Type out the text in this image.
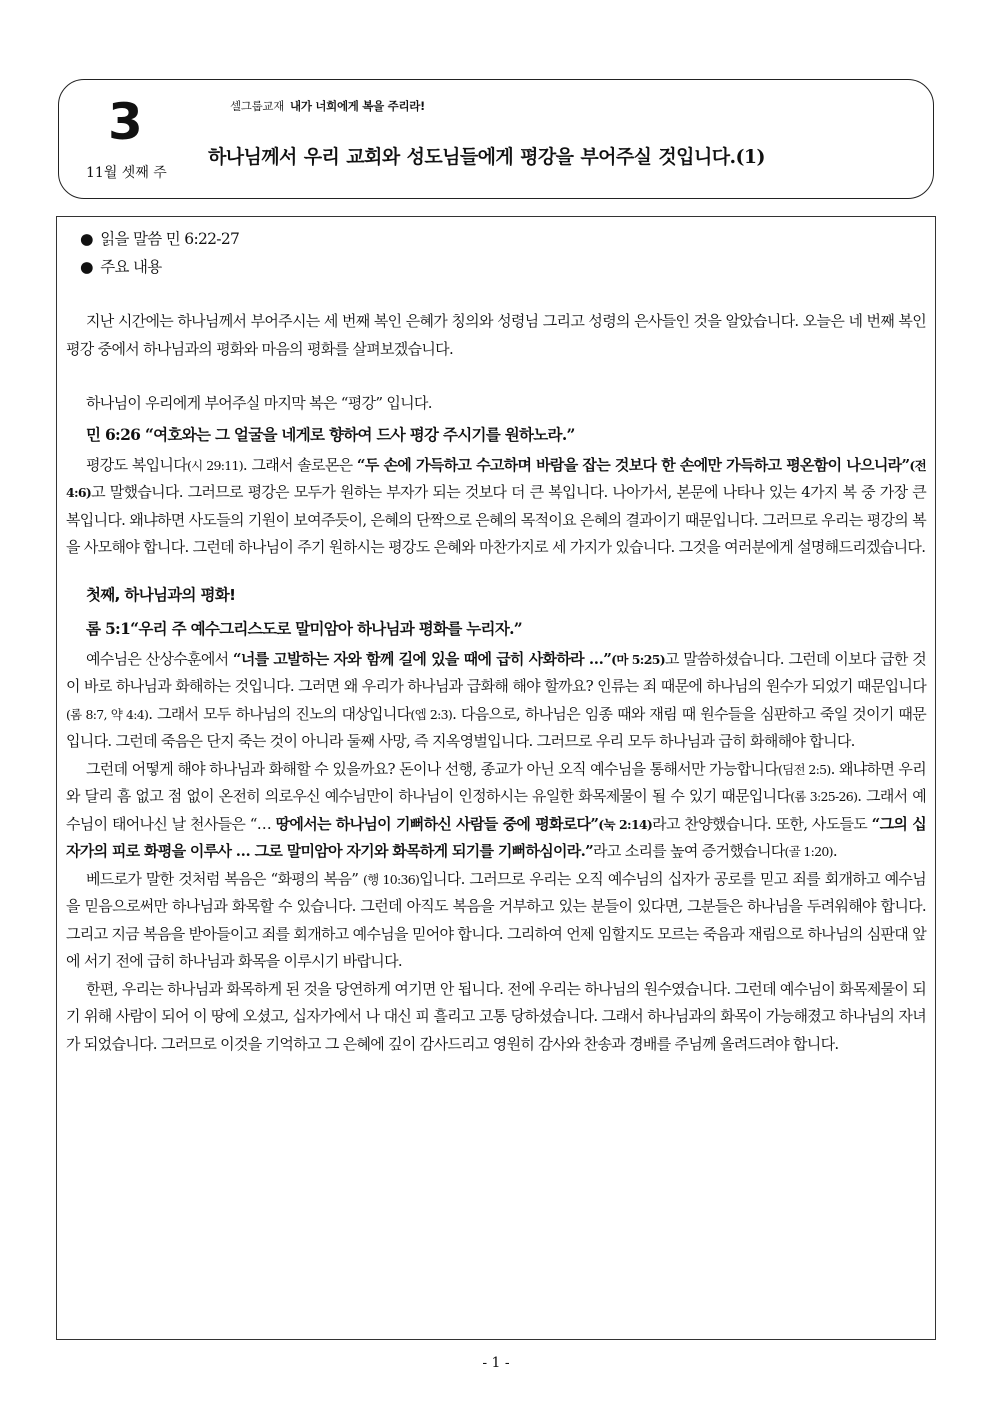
3
11월 셋째 주
셀그룹교재 내가 너희에게 복을 주리라!
하나님께서 우리 교회와 성도님들에게 평강을 부어주실 것입니다.(1)
● 읽을 말씀 민 6:22-27
● 주요 내용

지난 시간에는 하나님께서 부어주시는 세 번째 복인 은혜가 칭의와 성령님 그리고 성령의 은사들인 것을 알았습니다. 오늘은 네 번째 복인 평강 중에서 하나님과의 평화와 마음의 평화를 살펴보겠습니다.

하나님이 우리에게 부어주실 마지막 복은 “평강” 입니다.

민 6:26 “여호와는 그 얼굴을 네게로 향하여 드사 평강 주시기를 원하노라.”

평강도 복입니다(시 29:11). 그래서 솔로몬은 “두 손에 가득하고 수고하며 바람을 잡는 것보다 한 손에만 가득하고 평온함이 나으니라”(전 4:6)고 말했습니다. 그러므로 평강은 모두가 원하는 부자가 되는 것보다 더 큰 복입니다. 나아가서, 본문에 나타나 있는 4가지 복 중 가장 큰 복입니다. 왜냐하면 사도들의 기원이 보여주듯이, 은혜의 단짝으로 은혜의 목적이요 은혜의 결과이기 때문입니다. 그러므로 우리는 평강의 복을 사모해야 합니다. 그런데 하나님이 주기 원하시는 평강도 은혜와 마찬가지로 세 가지가 있습니다. 그것을 여러분에게 설명해드리겠습니다.

첫째, 하나님과의 평화!
롬 5:1“우리 주 예수그리스도로 말미암아 하나님과 평화를 누리자.”

예수님은 산상수훈에서 “너를 고발하는 자와 함께 길에 있을 때에 급히 사화하라 …”(마 5:25)고 말씀하셨습니다. 그런데 이보다 급한 것이 바로 하나님과 화해하는 것입니다. 그러면 왜 우리가 하나님과 급화해 해야 할까요? 인류는 죄 때문에 하나님의 원수가 되었기 때문입니다(롬 8:7, 약 4:4). 그래서 모두 하나님의 진노의 대상입니다(엡 2:3). 다음으로, 하나님은 임종 때와 재림 때 원수들을 심판하고 죽일 것이기 때문입니다. 그런데 죽음은 단지 죽는 것이 아니라 둘째 사망, 즉 지옥영벌입니다. 그러므로 우리 모두 하나님과 급히 화해해야 합니다.

그런데 어떻게 해야 하나님과 화해할 수 있을까요? 돈이나 선행, 종교가 아닌 오직 예수님을 통해서만 가능합니다(딤전 2:5). 왜냐하면 우리와 달리 흠 없고 점 없이 온전히 의로우신 예수님만이 하나님이 인정하시는 유일한 화목제물이 될 수 있기 때문입니다(롬 3:25-26). 그래서 예수님이 태어나신 날 천사들은 “… 땅에서는 하나님이 기뻐하신 사람들 중에 평화로다”(눅 2:14)라고 찬양했습니다. 또한, 사도들도 “그의 십자가의 피로 화평을 이루사 … 그로 말미암아 자기와 화목하게 되기를 기뻐하심이라.”라고 소리를 높여 증거했습니다(골 1:20).

베드로가 말한 것처럼 복음은 “화평의 복음” (행 10:36)입니다. 그러므로 우리는 오직 예수님의 십자가 공로를 믿고 죄를 회개하고 예수님을 믿음으로써만 하나님과 화목할 수 있습니다. 그런데 아직도 복음을 거부하고 있는 분들이 있다면, 그분들은 하나님을 두려워해야 합니다. 그리고 지금 복음을 받아들이고 죄를 회개하고 예수님을 믿어야 합니다. 그리하여 언제 임할지도 모르는 죽음과 재림으로 하나님의 심판대 앞에 서기 전에 급히 하나님과 화목을 이루시기 바랍니다.

한편, 우리는 하나님과 화목하게 된 것을 당연하게 여기면 안 됩니다. 전에 우리는 하나님의 원수였습니다. 그런데 예수님이 화목제물이 되기 위해 사람이 되어 이 땅에 오셨고, 십자가에서 나 대신 피 흘리고 고통 당하셨습니다. 그래서 하나님과의 화목이 가능해졌고 하나님의 자녀가 되었습니다. 그러므로 이것을 기억하고 그 은혜에 깊이 감사드리고 영원히 감사와 찬송과 경배를 주님께 올려드려야 합니다.

- 1 -
